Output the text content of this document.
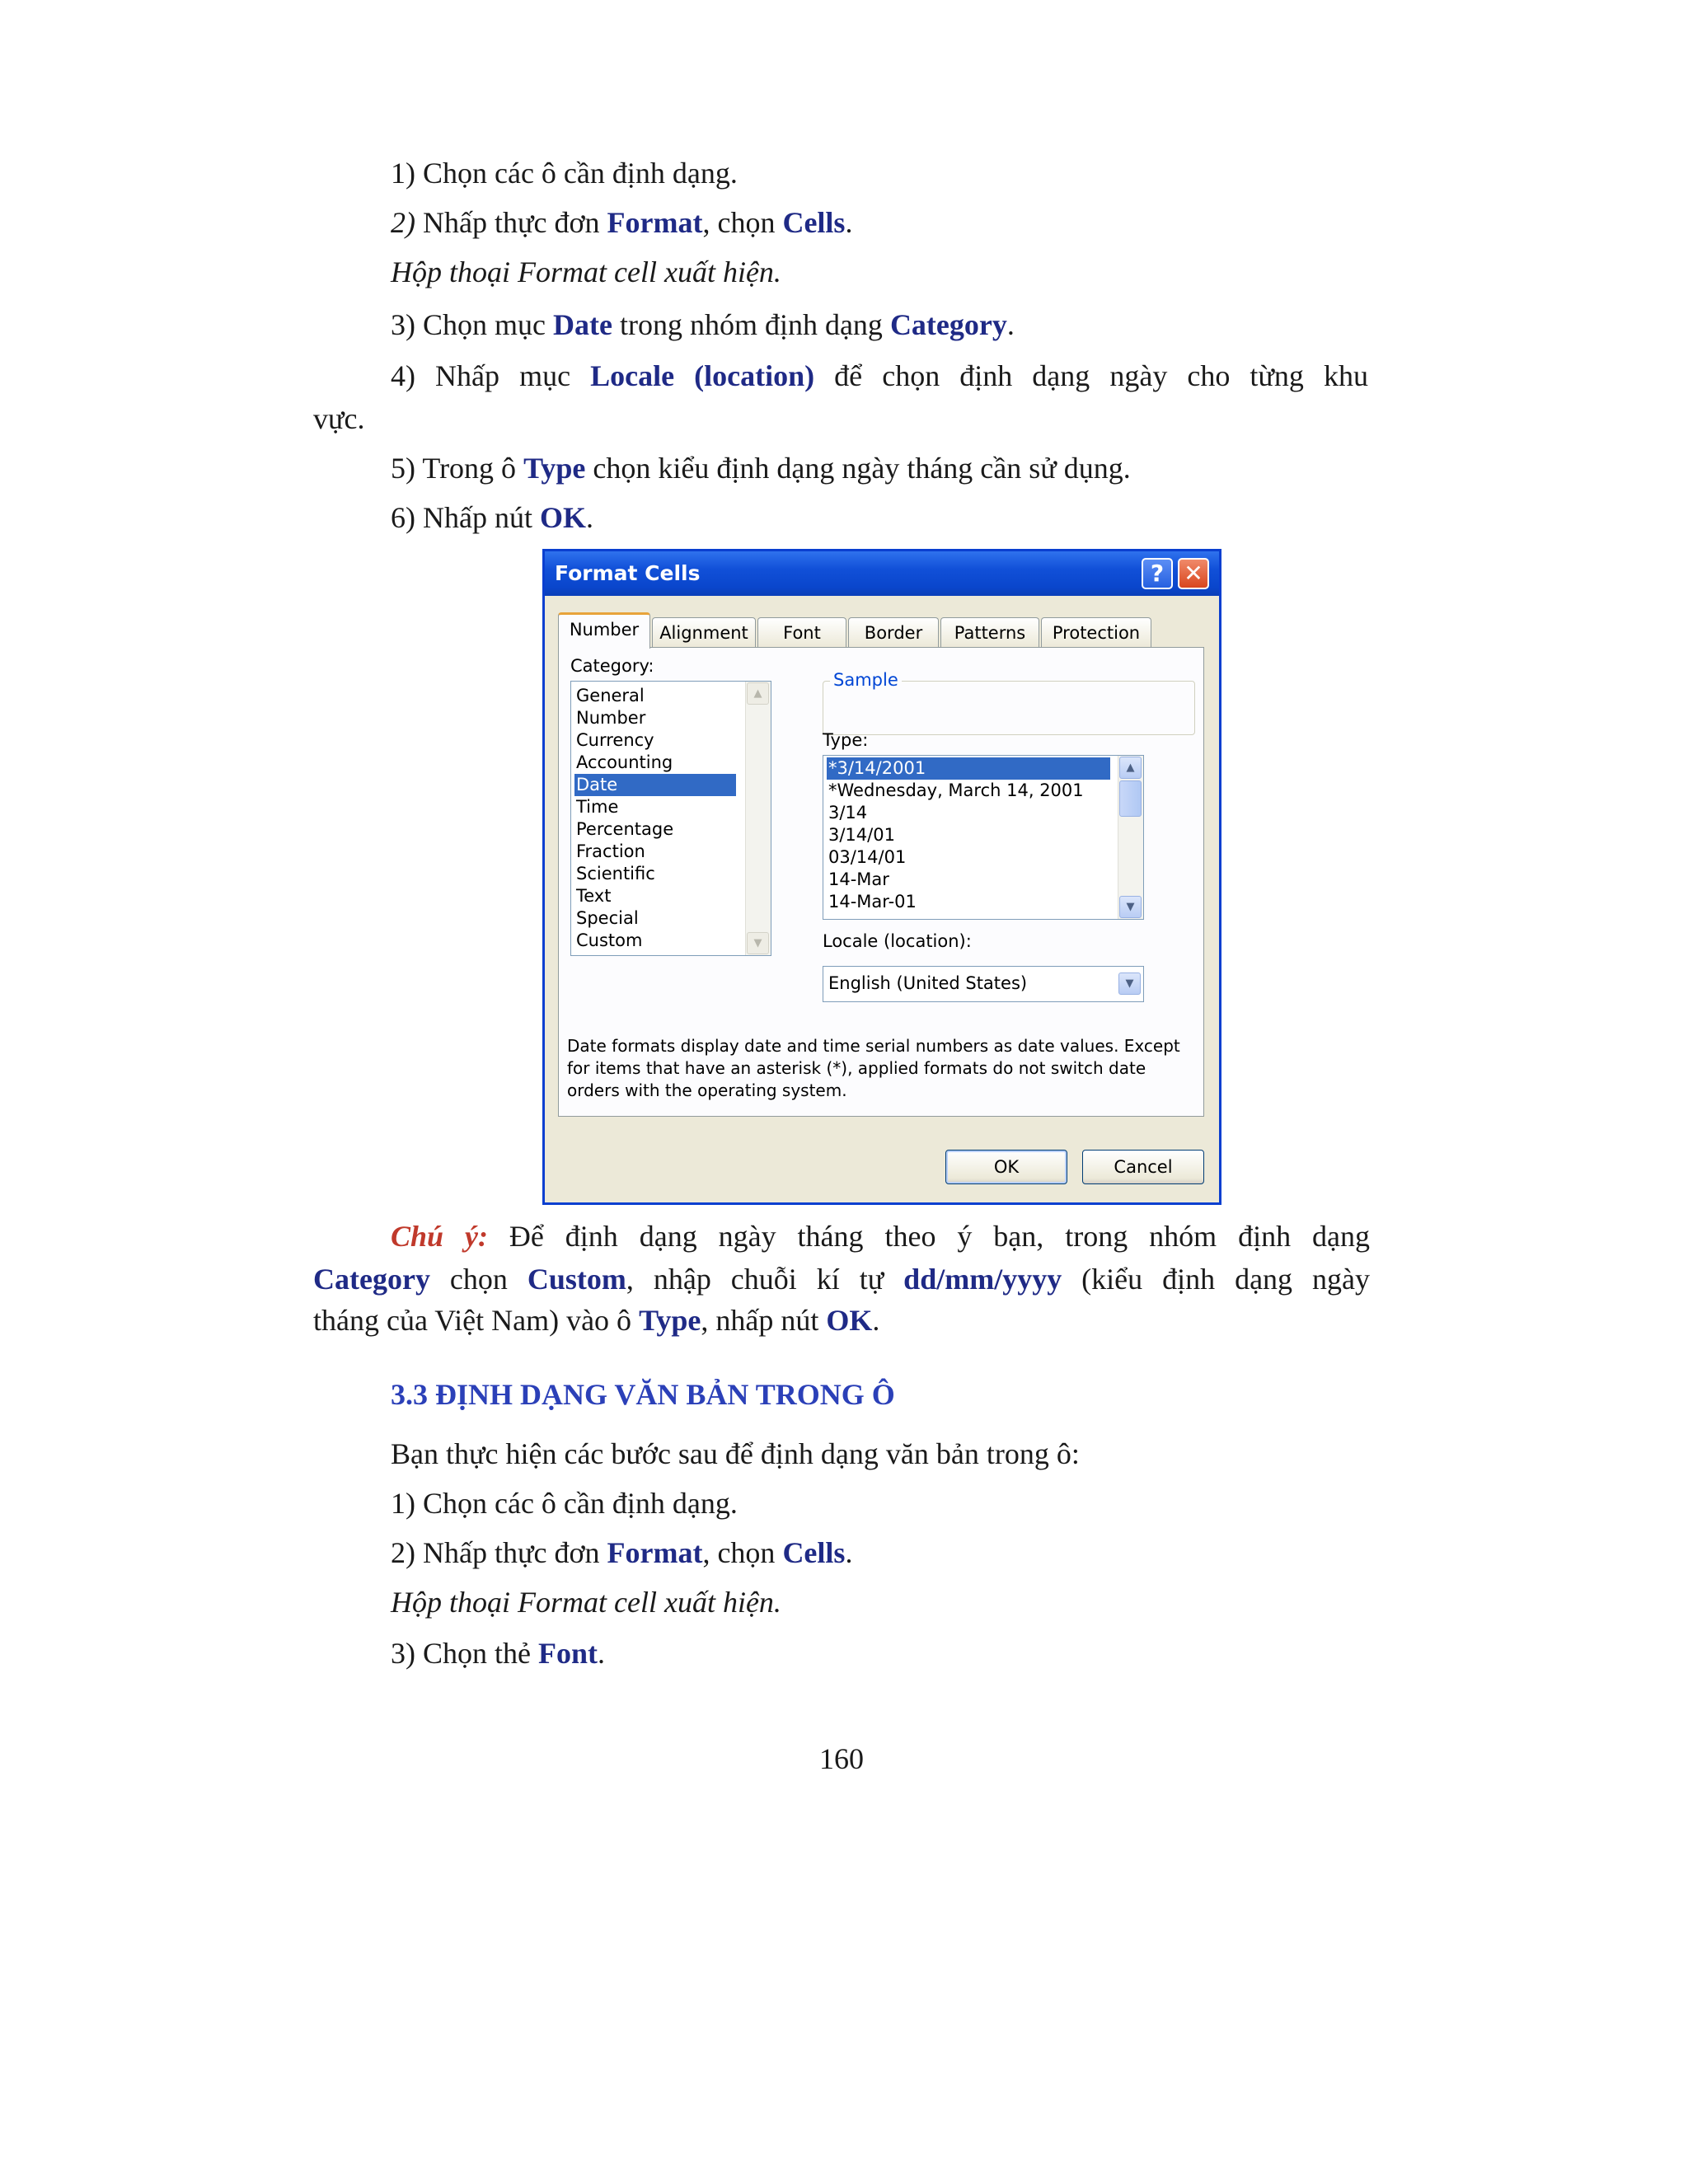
1) Chọn các ô cần định dạng.
2) Nhấp thực đơn Format, chọn Cells.
Hộp thoại Format cell xuất hiện.
3) Chọn mục Date trong nhóm định dạng Category.
4) Nhấp mục Locale (location) để chọn định dạng ngày cho từng khu
vực.
5) Trong ô Type chọn kiểu định dạng ngày tháng cần sử dụng.
6) Nhấp nút OK.
Format Cells	? ✕
Number	Alignment	Font	Border	Patterns	Protection
Category:
General
Number
Currency
Accounting
Date
Time
Percentage
Fraction
Scientific
Text
Special
Custom
▲
▼
Sample
Type:
*3/14/2001
*Wednesday, March 14, 2001
3/14
3/14/01
03/14/01
14-Mar
14-Mar-01
▲
▼
Locale (location):
English (United States)	▼
Date formats display date and time serial numbers as date values. Except for items that have an asterisk (*), applied formats do not switch date orders with the operating system.
OK	Cancel
Chú ý: Để định dạng ngày tháng theo ý bạn, trong nhóm định dạng
Category chọn Custom, nhập chuỗi kí tự dd/mm/yyyy (kiểu định dạng ngày
tháng của Việt Nam) vào ô Type, nhấp nút OK.
3.3 ĐỊNH DẠNG VĂN BẢN TRONG Ô
Bạn thực hiện các bước sau để định dạng văn bản trong ô:
1) Chọn các ô cần định dạng.
2) Nhấp thực đơn Format, chọn Cells.
Hộp thoại Format cell xuất hiện.
3) Chọn thẻ Font.
160
